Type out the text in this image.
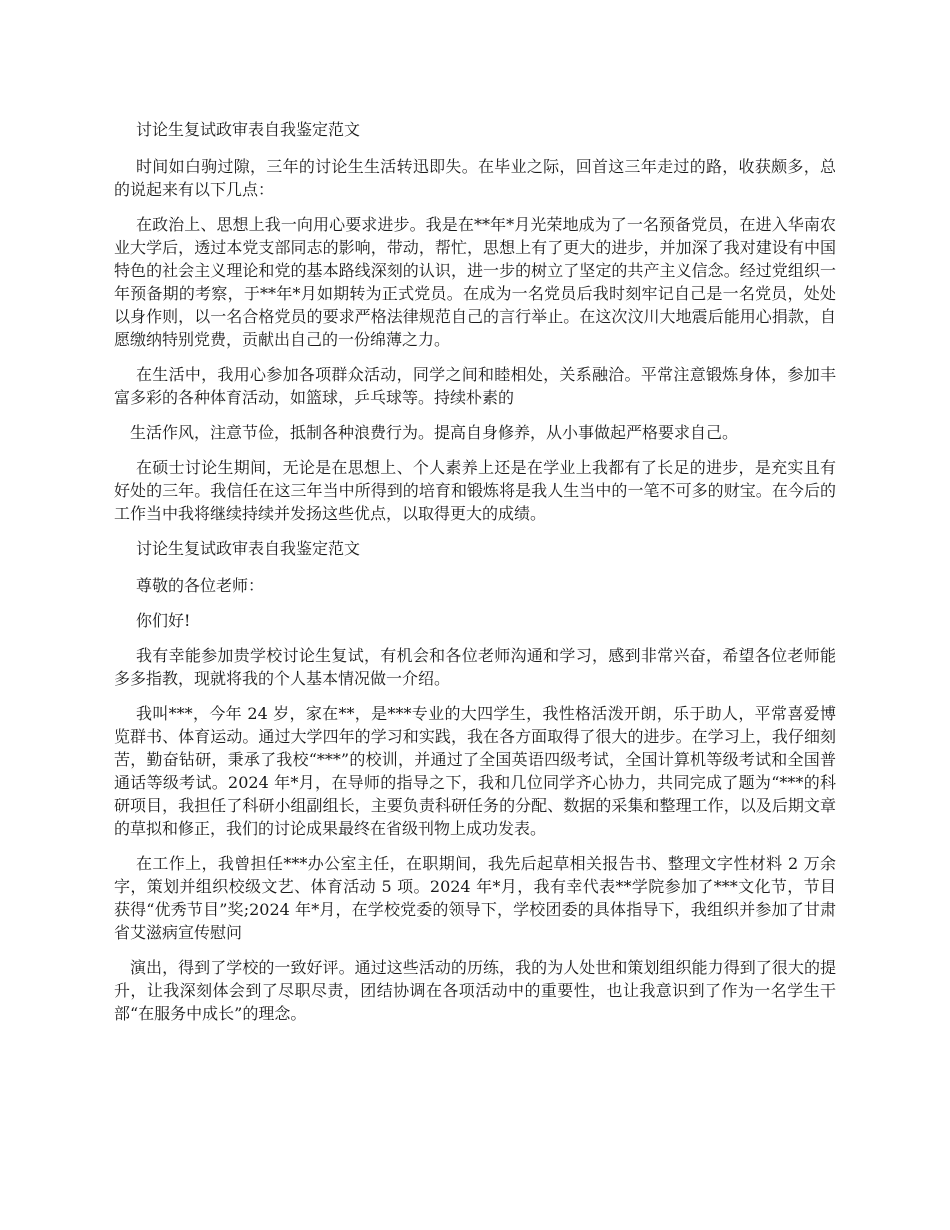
讨论生复试政审表自我鉴定范文

时间如白驹过隙，三年的讨论生生活转迅即失。在毕业之际，回首这三年走过的路，收获颇多，总的说起来有以下几点：

在政治上、思想上我一向用心要求进步。我是在**年*月光荣地成为了一名预备党员，在进入华南农业大学后，透过本党支部同志的影响，带动，帮忙，思想上有了更大的进步，并加深了我对建设有中国特色的社会主义理论和党的基本路线深刻的认识，进一步的树立了坚定的共产主义信念。经过党组织一年预备期的考察，于**年*月如期转为正式党员。在成为一名党员后我时刻牢记自己是一名党员，处处以身作则，以一名合格党员的要求严格法律规范自己的言行举止。在这次汶川大地震后能用心捐款，自愿缴纳特别党费，贡献出自己的一份绵薄之力。

在生活中，我用心参加各项群众活动，同学之间和睦相处，关系融洽。平常注意锻炼身体，参加丰富多彩的各种体育活动，如篮球，乒乓球等。持续朴素的

生活作风，注意节俭，抵制各种浪费行为。提高自身修养，从小事做起严格要求自己。

在硕士讨论生期间，无论是在思想上、个人素养上还是在学业上我都有了长足的进步，是充实且有好处的三年。我信任在这三年当中所得到的培育和锻炼将是我人生当中的一笔不可多的财宝。在今后的工作当中我将继续持续并发扬这些优点，以取得更大的成绩。

讨论生复试政审表自我鉴定范文

尊敬的各位老师：

你们好!

我有幸能参加贵学校讨论生复试，有机会和各位老师沟通和学习，感到非常兴奋，希望各位老师能多多指教，现就将我的个人基本情况做一介绍。

我叫***，今年 24 岁，家在**，是***专业的大四学生，我性格活泼开朗，乐于助人，平常喜爱博览群书、体育运动。通过大学四年的学习和实践，我在各方面取得了很大的进步。在学习上，我仔细刻苦，勤奋钻研，秉承了我校“***”的校训，并通过了全国英语四级考试，全国计算机等级考试和全国普通话等级考试。2024 年*月，在导师的指导之下，我和几位同学齐心协力，共同完成了题为“***的科研项目，我担任了科研小组副组长，主要负责科研任务的分配、数据的采集和整理工作，以及后期文章的草拟和修正，我们的讨论成果最终在省级刊物上成功发表。

在工作上，我曾担任***办公室主任，在职期间，我先后起草相关报告书、整理文字性材料 2 万余字，策划并组织校级文艺、体育活动 5 项。2024 年*月，我有幸代表**学院参加了***文化节，节目获得“优秀节目”奖;2024 年*月，在学校党委的领导下，学校团委的具体指导下，我组织并参加了甘肃省艾滋病宣传慰问

演出，得到了学校的一致好评。通过这些活动的历练，我的为人处世和策划组织能力得到了很大的提升，让我深刻体会到了尽职尽责，团结协调在各项活动中的重要性，也让我意识到了作为一名学生干部“在服务中成长”的理念。
